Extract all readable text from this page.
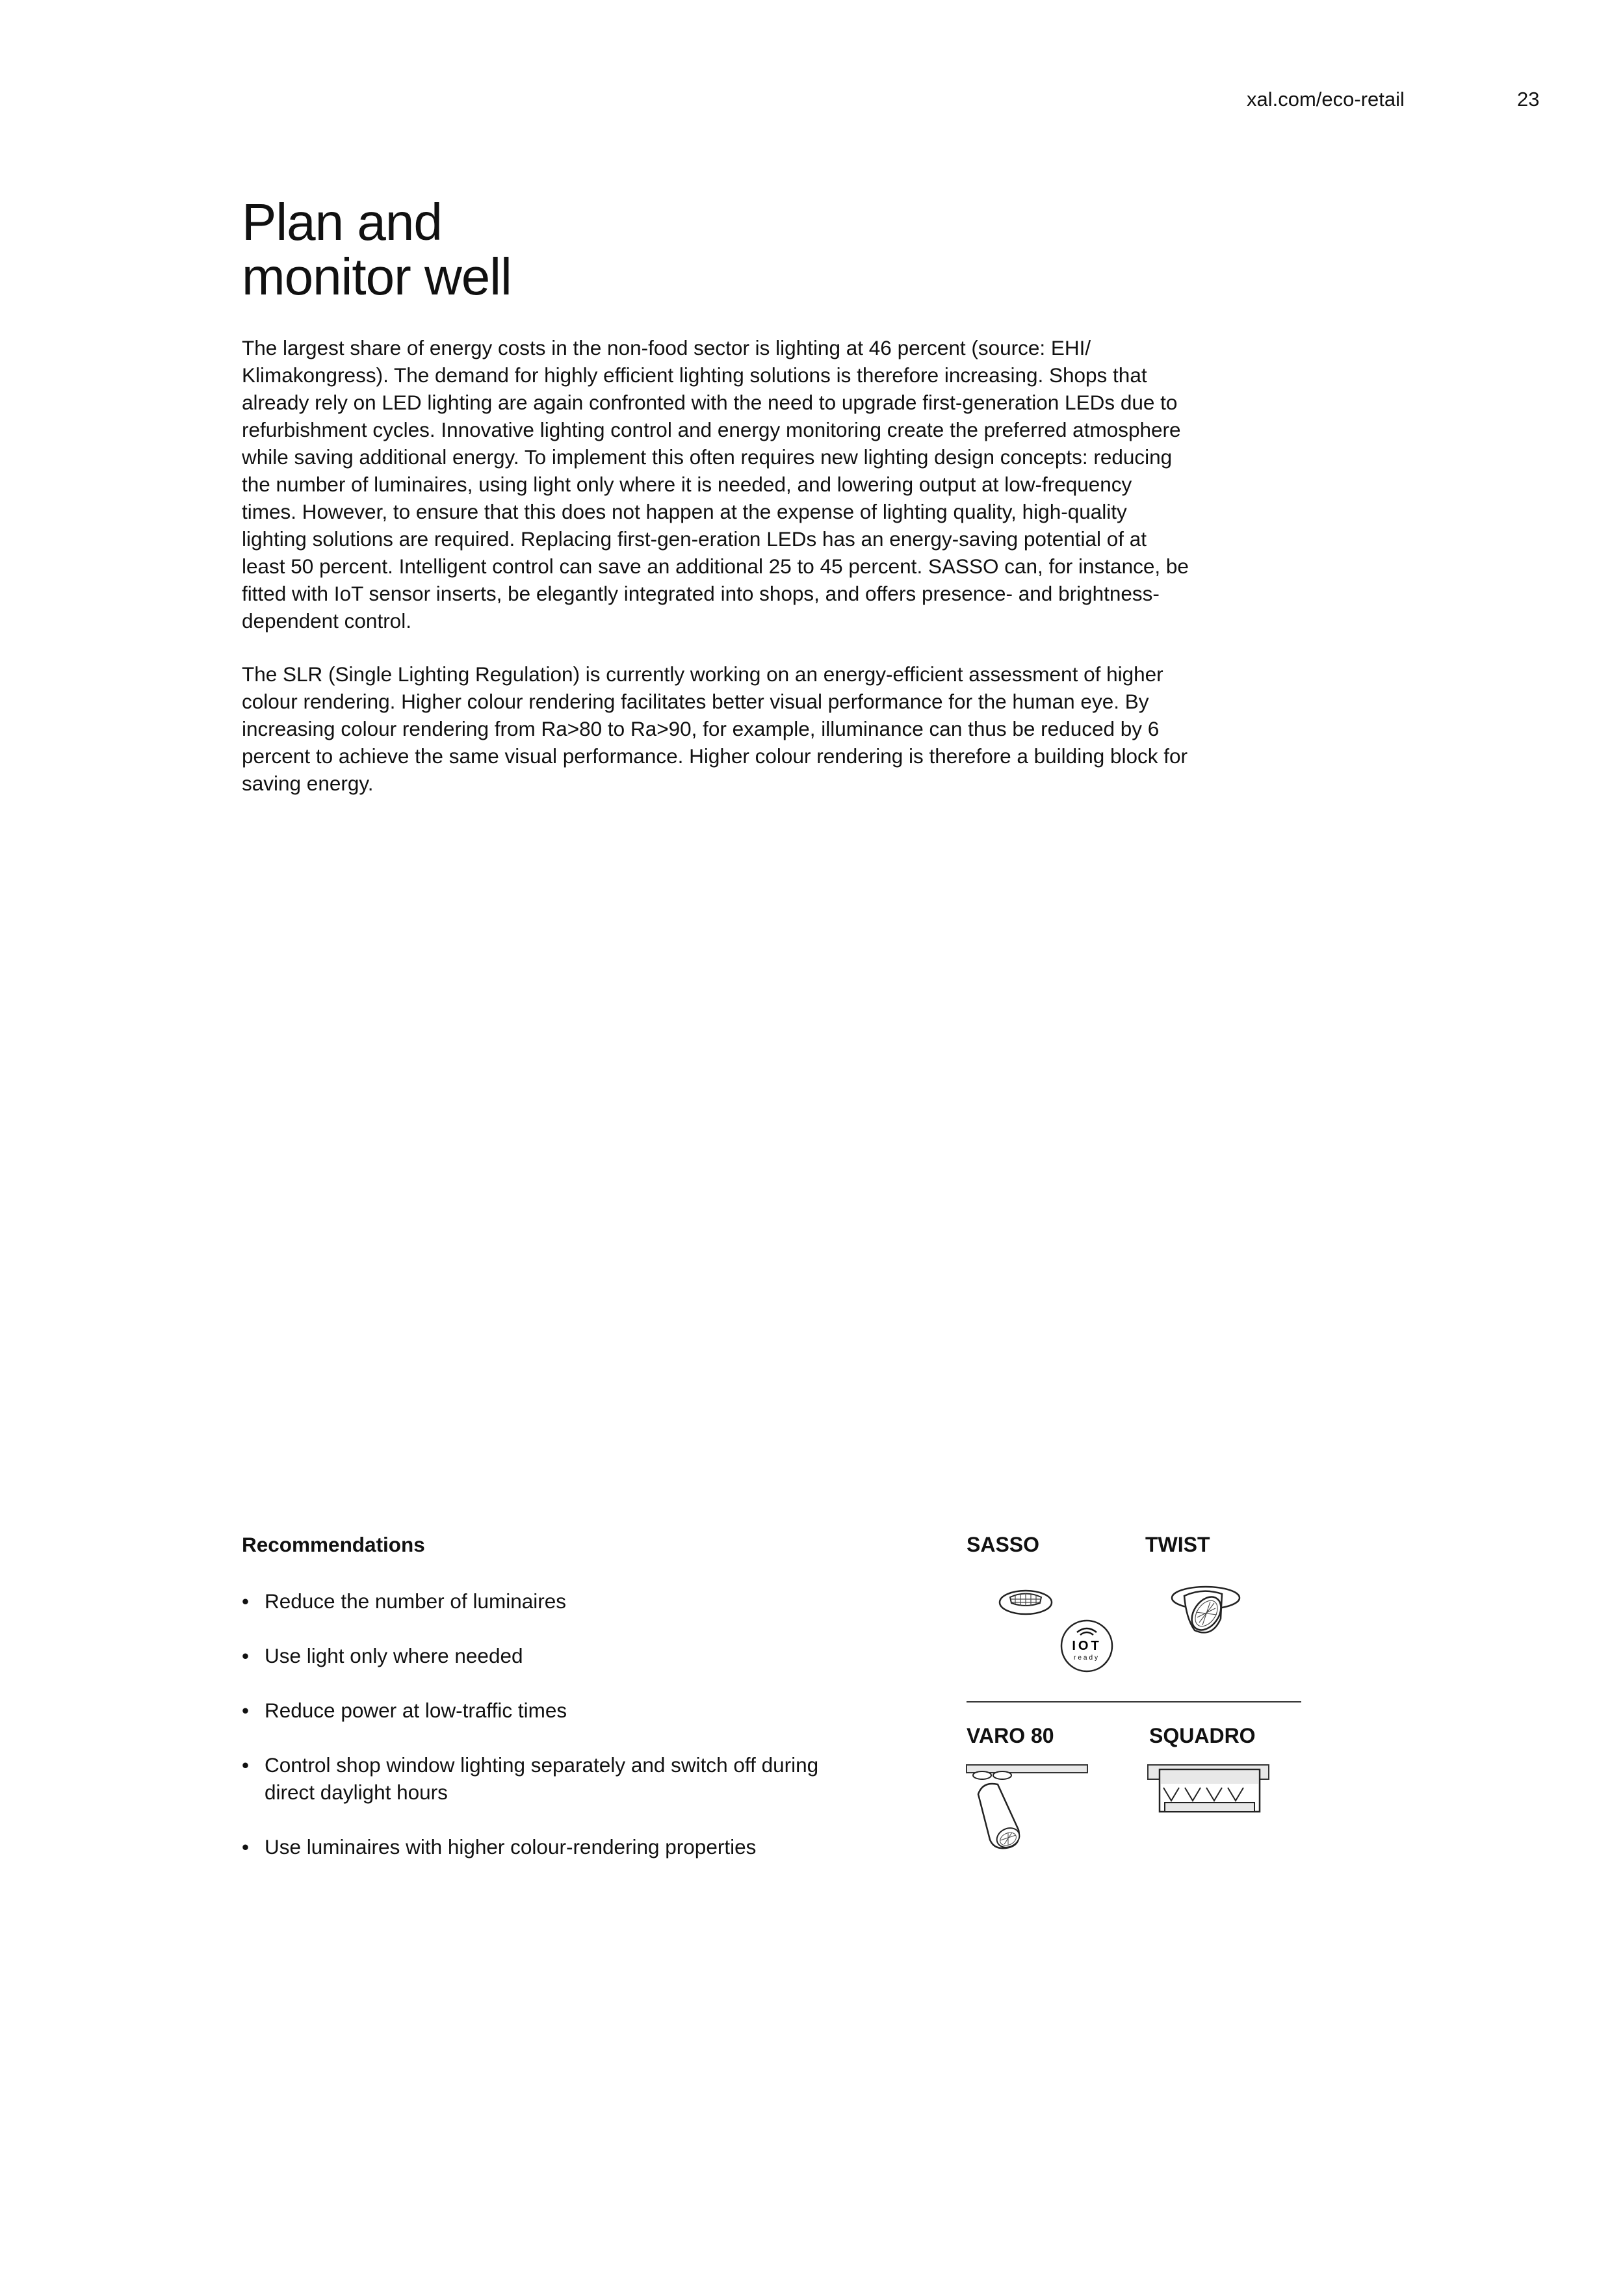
xal.com/eco-retail	23
Plan and
monitor well

The largest share of energy costs in the non-food sector is lighting at 46 percent (source: EHI/ Klimakongress). The demand for highly efficient lighting solutions is therefore increasing. Shops that already rely on LED lighting are again confronted with the need to upgrade first-generation LEDs due to refurbishment cycles. Innovative lighting control and energy monitoring create the preferred atmosphere while saving additional energy. To implement this often requires new lighting design concepts: reducing the number of luminaires, using light only where it is needed, and lowering output at low-frequency times. However, to ensure that this does not happen at the expense of lighting quality, high-quality lighting solutions are required. Replacing first-gen-eration LEDs has an energy-saving potential of at least 50 percent. Intelligent control can save an additional 25 to 45 percent. SASSO can, for instance, be fitted with IoT sensor inserts, be elegantly integrated into shops, and offers presence- and brightness-dependent control.

The SLR (Single Lighting Regulation) is currently working on an energy-efficient assessment of higher colour rendering. Higher colour rendering facilitates better visual performance for the human eye. By increasing colour rendering from Ra>80 to Ra>90, for example, illuminance can thus be reduced by 6 percent to achieve the same visual performance. Higher colour rendering is therefore a building block for saving energy.

Recommendations
• Reduce the number of luminaires
• Use light only where needed
• Reduce power at low-traffic times
• Control shop window lighting separately and switch off during direct daylight hours
• Use luminaires with higher colour-rendering properties
SASSO	TWIST
VARO 80	SQUADRO
IOT
ready
